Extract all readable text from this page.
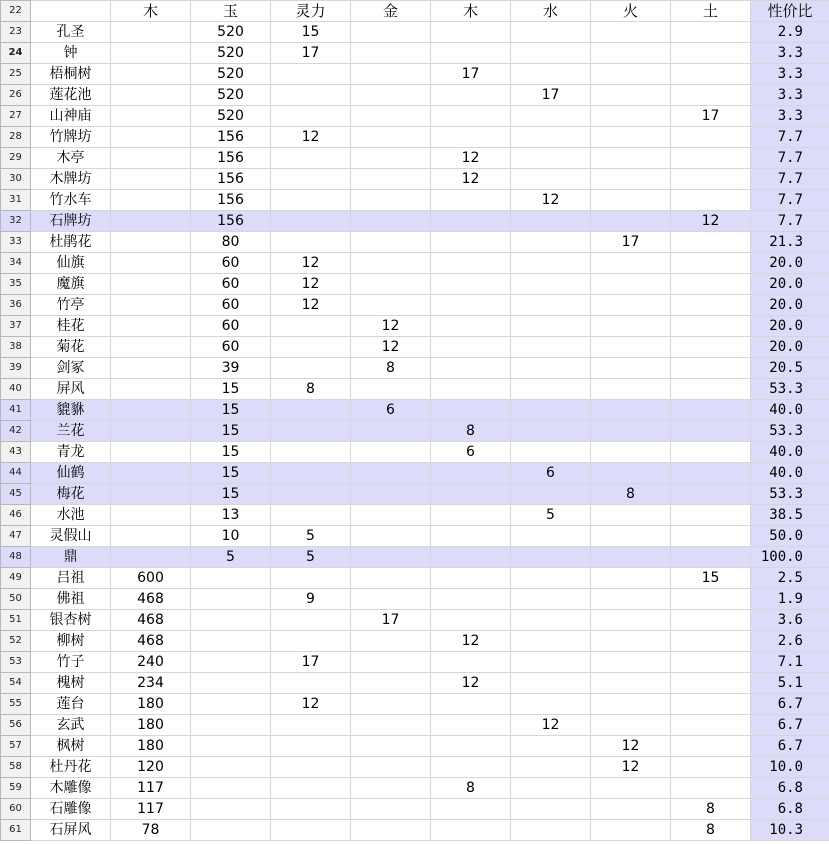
22		木	玉	灵力	金	木	水	火	土	性价比
23	孔圣		520	15						2.9
24	钟		520	17						3.3
25	梧桐树		520			17				3.3
26	莲花池		520				17			3.3
27	山神庙		520						17	3.3
28	竹牌坊		156	12						7.7
29	木亭		156			12				7.7
30	木牌坊		156			12				7.7
31	竹水车		156				12			7.7
32	石牌坊		156						12	7.7
33	杜鹃花		80					17		21.3
34	仙旗		60	12						20.0
35	魔旗		60	12						20.0
36	竹亭		60	12						20.0
37	桂花		60		12					20.0
38	菊花		60		12					20.0
39	剑冢		39		8					20.5
40	屏风		15	8						53.3
41	貔貅		15		6					40.0
42	兰花		15			8				53.3
43	青龙		15			6				40.0
44	仙鹤		15				6			40.0
45	梅花		15					8		53.3
46	水池		13				5			38.5
47	灵假山		10	5						50.0
48	鼎		5	5						100.0
49	吕祖	600							15	2.5
50	佛祖	468		9						1.9
51	银杏树	468			17					3.6
52	柳树	468				12				2.6
53	竹子	240		17						7.1
54	槐树	234				12				5.1
55	莲台	180		12						6.7
56	玄武	180					12			6.7
57	枫树	180						12		6.7
58	杜丹花	120						12		10.0
59	木雕像	117				8				6.8
60	石雕像	117							8	6.8
61	石屏风	78							8	10.3
